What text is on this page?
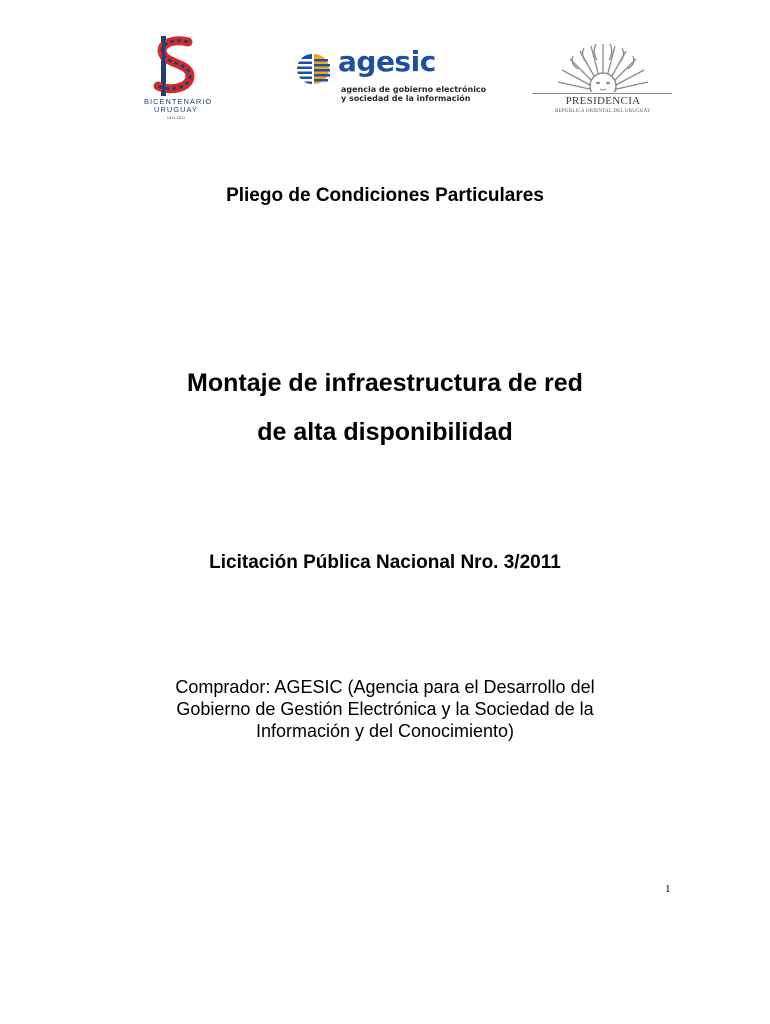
BICENTENARIO
URUGUAY
1811-2011
agesic
agencia de gobierno electrónico
y sociedad de la información	PRESIDENCIA
REPÚBLICA ORIENTAL DEL URUGUAY
Pliego de Condiciones Particulares
Montaje de infraestructura de red
de alta disponibilidad
Licitación Pública Nacional Nro. 3/2011
Comprador: AGESIC (Agencia para el Desarrollo del
Gobierno de Gestión Electrónica y la Sociedad de la
Información y del Conocimiento)
1
